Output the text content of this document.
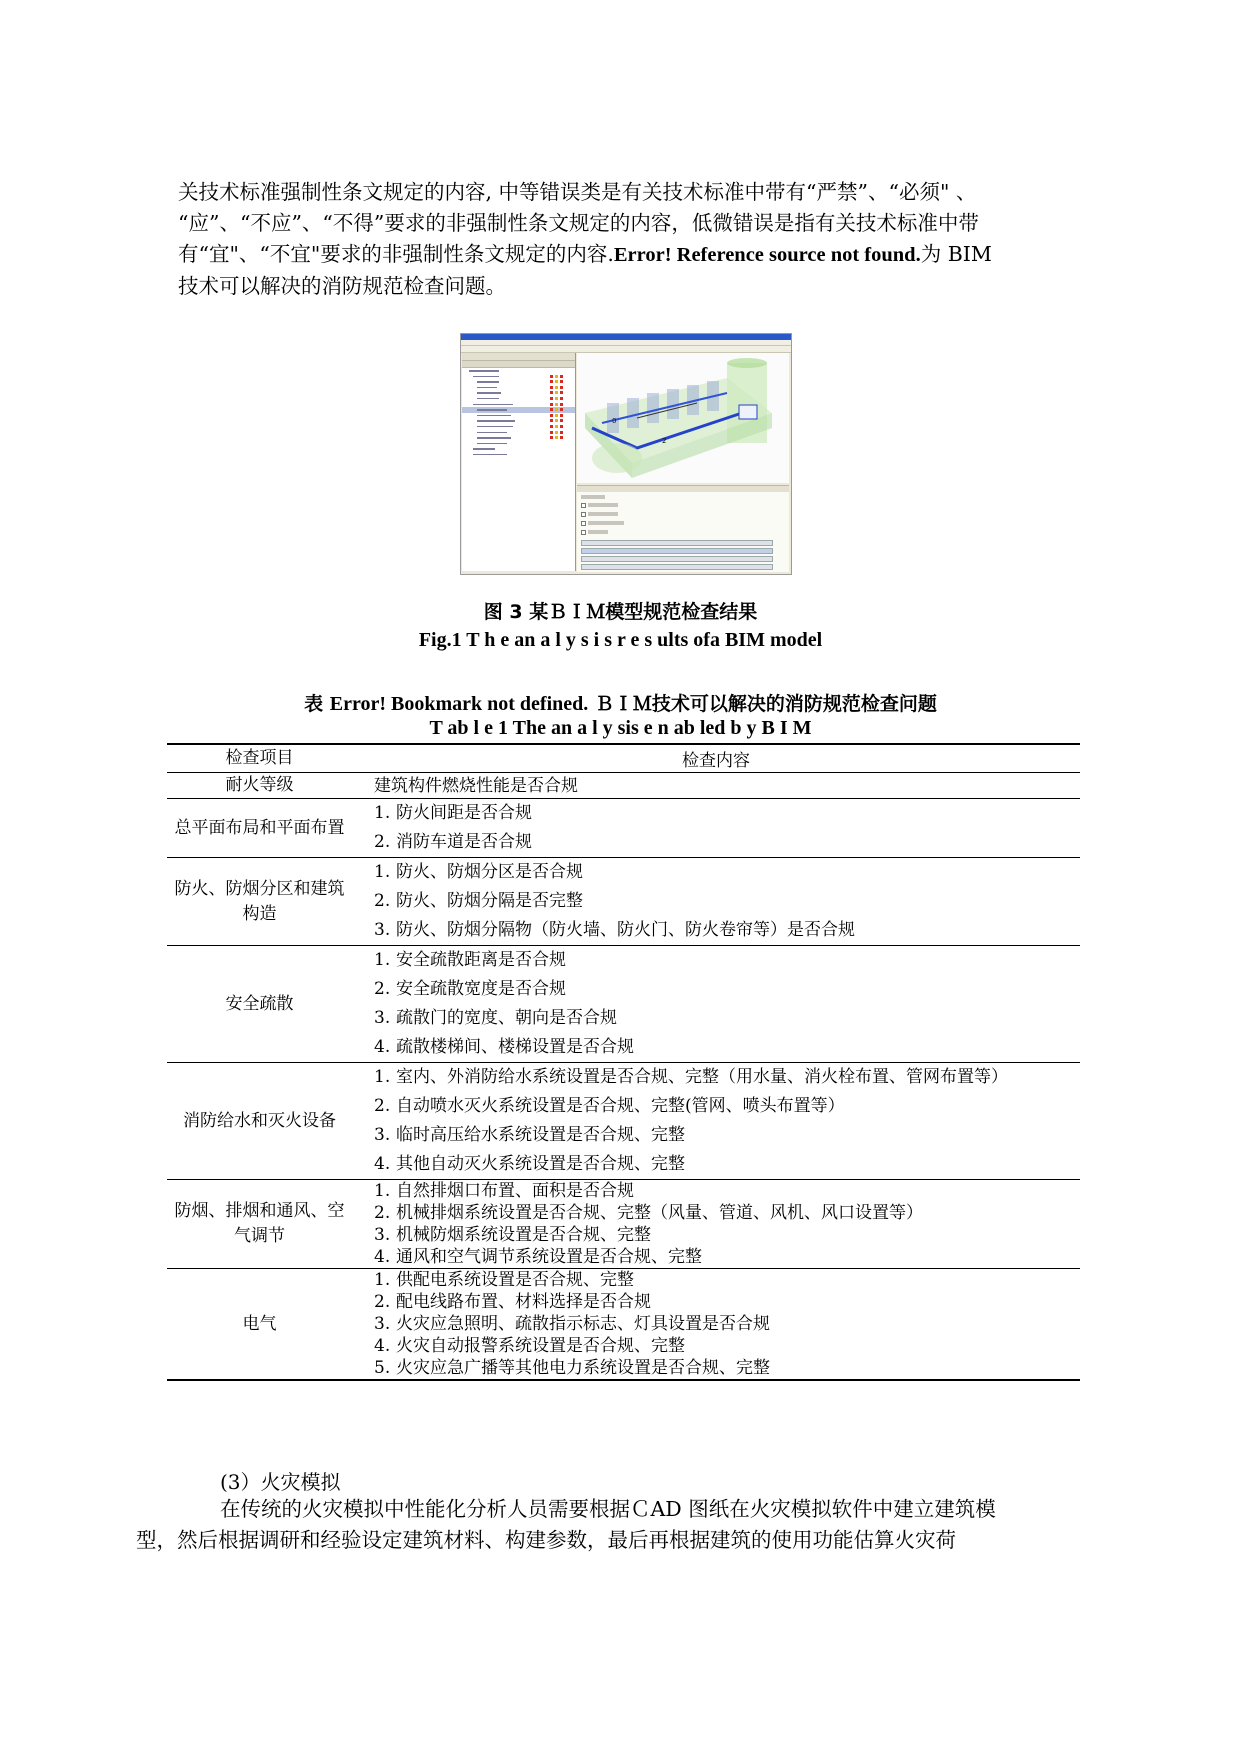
关技术标准强制性条文规定的内容, 中等错误类是有关技术标准中带有“严禁”、“必须" 、
“应”、“不应”、“不得”要求的非强制性条文规定的内容，低微错误是指有关技术标准中带
有“宜"、“不宜"要求的非强制性条文规定的内容.Error! Reference source not found.为 BIM
技术可以解决的消防规范检查问题。
0
2
图 3 某ＢＩＭ模型规范检查结果
Fig.1 T h e an a l y s i s r e s ults ofa BIM model
表 Error! Bookmark not defined. ＢＩＭ技术可以解决的消防规范检查问题
T ab l e 1 The an a l y sis e n ab led b y B I M
检查项目	检查内容
耐火等级	建筑构件燃烧性能是否合规

总平面布局和平面布置	1. 防火间距是否合规
2. 消防车道是否合规

防火、防烟分区和建筑构造	1. 防火、防烟分区是否合规
2. 防火、防烟分隔是否完整
3. 防火、防烟分隔物（防火墙、防火门、防火卷帘等）是否合规

安全疏散	1. 安全疏散距离是否合规
2. 安全疏散宽度是否合规
3. 疏散门的宽度、朝向是否合规
4. 疏散楼梯间、楼梯设置是否合规

消防给水和灭火设备	1. 室内、外消防给水系统设置是否合规、完整（用水量、消火栓布置、管网布置等）
2. 自动喷水灭火系统设置是否合规、完整(管网、喷头布置等）
3. 临时高压给水系统设置是否合规、完整
4. 其他自动灭火系统设置是否合规、完整

防烟、排烟和通风、空气调节	1. 自然排烟口布置、面积是否合规
2. 机械排烟系统设置是否合规、完整（风量、管道、风机、风口设置等）
3. 机械防烟系统设置是否合规、完整
4. 通风和空气调节系统设置是否合规、完整

电气	1. 供配电系统设置是否合规、完整
2. 配电线路布置、材料选择是否合规
3. 火灾应急照明、疏散指示标志、灯具设置是否合规
4. 火灾自动报警系统设置是否合规、完整
5. 火灾应急广播等其他电力系统设置是否合规、完整
(3）火灾模拟
在传统的火灾模拟中性能化分析人员需要根据ＣAD 图纸在火灾模拟软件中建立建筑模
型，然后根据调研和经验设定建筑材料、构建参数，最后再根据建筑的使用功能估算火灾荷
